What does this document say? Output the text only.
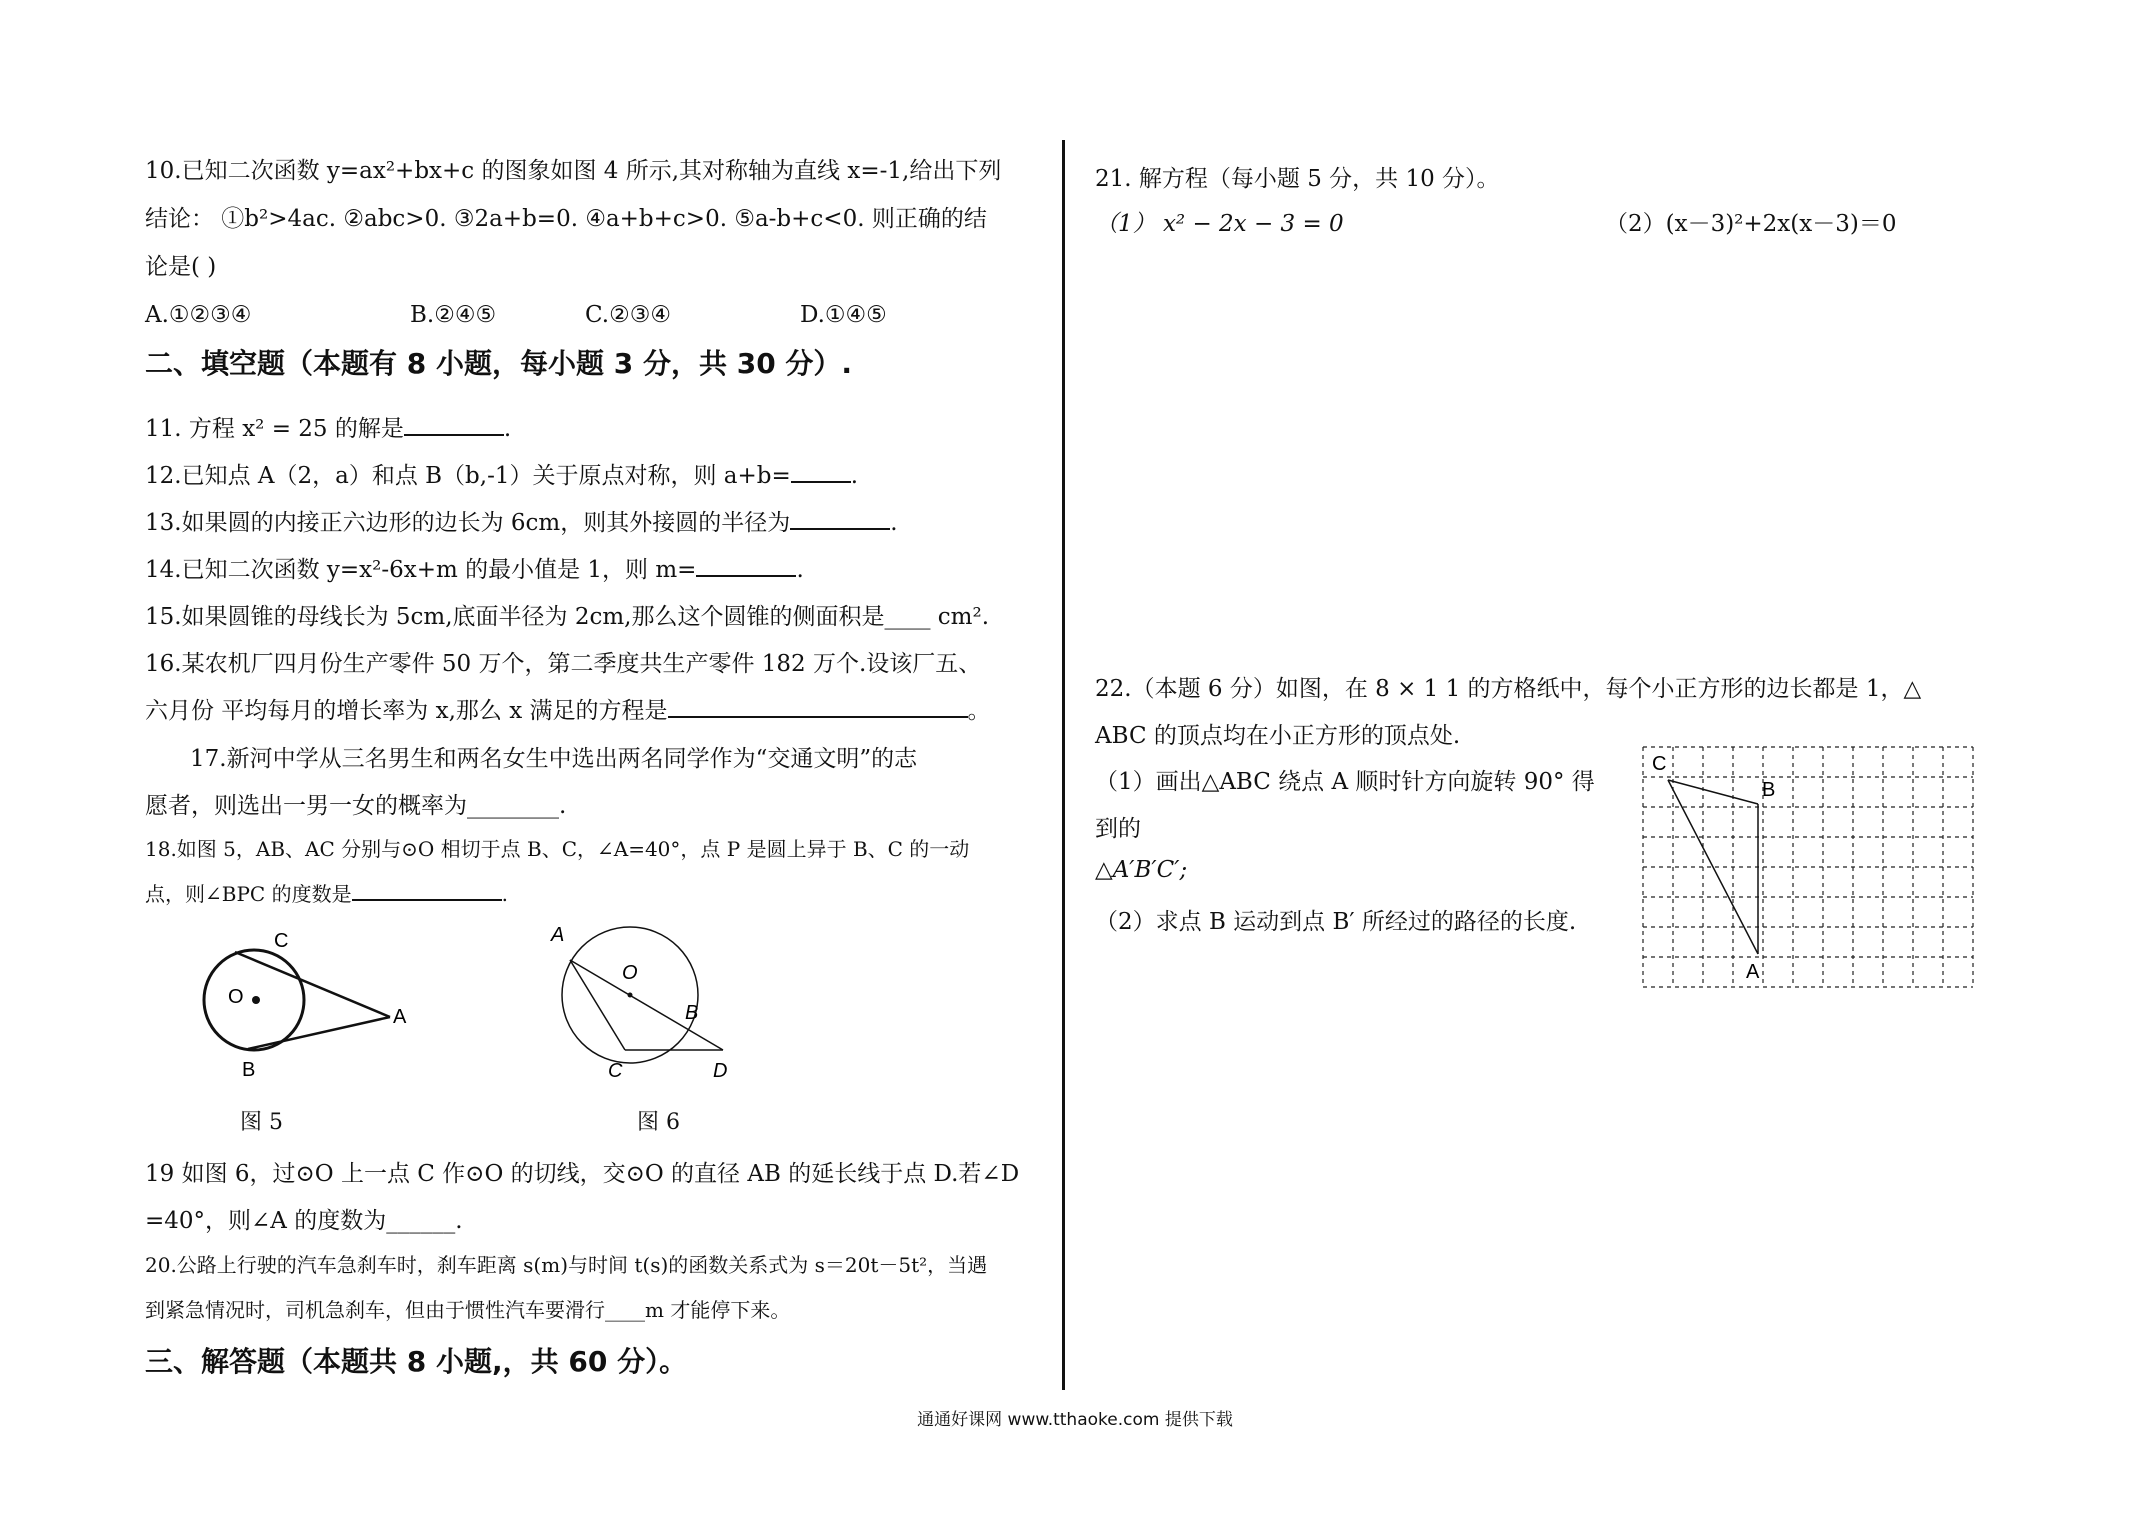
10.已知二次函数 y=ax²+bx+c 的图象如图 4 所示,其对称轴为直线 x=-1,给出下列
结论： ①b²>4ac. ②abc>0. ③2a+b=0. ④a+b+c>0. ⑤a-b+c<0. 则正确的结
论是( )
A.①②③④	B.②④⑤	C.②③④	D.①④⑤
二、填空题（本题有 8 小题，每小题 3 分，共 30 分）.
11. 方程 x² = 25 的解是	.
12.已知点 A（2，a）和点 B（b,-1）关于原点对称，则 a+b=	.
13.如果圆的内接正六边形的边长为 6cm，则其外接圆的半径为	.
14.已知二次函数 y=x²-6x+m 的最小值是 1，则 m=	.
15.如果圆锥的母线长为 5cm,底面半径为 2cm,那么这个圆锥的侧面积是____ cm².
16.某农机厂四月份生产零件 50 万个，第二季度共生产零件 182 万个.设该厂五、
六月份 平均每月的增长率为 x,那么 x 满足的方程是	。
17.新河中学从三名男生和两名女生中选出两名同学作为“交通文明”的志
愿者，则选出一男一女的概率为________.
18.如图 5，AB、AC 分别与⊙O 相切于点 B、C，∠A=40°，点 P 是圆上异于 B、C 的一动
点，则∠BPC 的度数是	.
C
O
A
B
图 5
A
O
B
C	D
图 6
19 如图 6，过⊙O 上一点 C 作⊙O 的切线，交⊙O 的直径 AB 的延长线于点 D.若∠D
=40°，则∠A 的度数为______.
20.公路上行驶的汽车急刹车时，刹车距离 s(m)与时间 t(s)的函数关系式为 s＝20t－5t²，当遇
到紧急情况时，司机急刹车，但由于惯性汽车要滑行____m 才能停下来。
三、解答题（本题共 8 小题,，共 60 分）。
21. 解方程（每小题 5 分，共 10 分）。
（1） x² − 2x − 3 = 0	（2）(x－3)²+2x(x－3)＝0
22.（本题 6 分）如图，在 8 × 1 1 的方格纸中，每个小正方形的边长都是 1，△
ABC 的顶点均在小正方形的顶点处.
（1）画出△ABC 绕点 A 顺时针方向旋转 90° 得
到的
△A′B′C′;
（2）求点 B 运动到点 B′ 所经过的路径的长度.
C
B
A
通通好课网 www.tthaoke.com 提供下载
